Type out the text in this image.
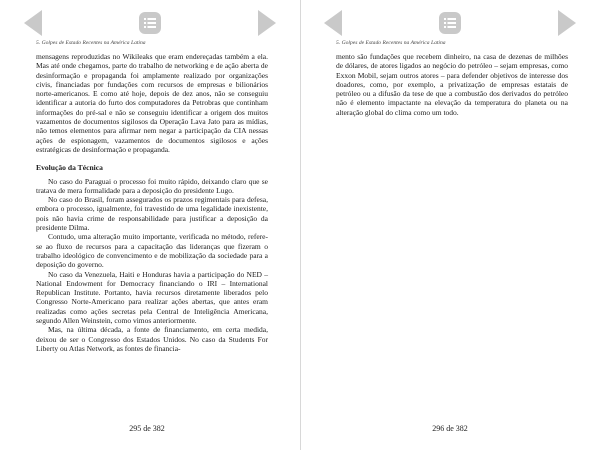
5. Golpes de Estado Recentes na América Latina

mensagens reproduzidas no Wikileaks que eram endereçadas também a ela. Mas até onde chegamos, parte do trabalho de networking e de ação aberta de desinformação e propaganda foi amplamente realizado por organizações civis, financiadas por fundações com recursos de empresas e bilionários norte-americanos. E como até hoje, depois de dez anos, não se conseguiu identificar a autoria do furto dos computadores da Petrobras que continham informações do pré-sal e não se conseguiu identificar a origem dos muitos vazamentos de documentos sigilosos da Operação Lava Jato para as mídias, não temos elementos para afirmar nem negar a participação da CIA nessas ações de espionagem, vazamentos de documentos sigilosos e ações estratégicas de desinformação e propaganda.

Evolução da Técnica

No caso do Paraguai o processo foi muito rápido, deixando claro que se tratava de mera formalidade para a deposição do presidente Lugo.

No caso do Brasil, foram assegurados os prazos regimentais para defesa, embora o processo, igualmente, foi travestido de uma legalidade inexistente, pois não havia crime de responsabilidade para justificar a deposição da presidente Dilma.

Contudo, uma alteração muito importante, verificada no método, refere-se ao fluxo de recursos para a capacitação das lideranças que fizeram o trabalho ideológico de convencimento e de mobilização da sociedade para a deposição do governo.

No caso da Venezuela, Haiti e Honduras havia a participação do NED – National Endowment for Democracy financiando o IRI – International Republican Institute. Portanto, havia recursos diretamente liberados pelo Congresso Norte-Americano para realizar ações abertas, que antes eram realizadas como ações secretas pela Central de Inteligência Americana, segundo Allen Weinstein, como vimos anteriormente.

Mas, na última década, a fonte de financiamento, em certa medida, deixou de ser o Congresso dos Estados Unidos. No caso da Students For Liberty ou Atlas Network, as fontes de financia-

295 de 382
5. Golpes de Estado Recentes na América Latina

mento são fundações que recebem dinheiro, na casa de dezenas de milhões de dólares, de atores ligados ao negócio do petróleo – sejam empresas, como Exxon Mobil, sejam outros atores – para defender objetivos de interesse dos doadores, como, por exemplo, a privatização de empresas estatais de petróleo ou a difusão da tese de que a combustão dos derivados do petróleo não é elemento impactante na elevação da temperatura do planeta ou na alteração global do clima como um todo.

296 de 382
